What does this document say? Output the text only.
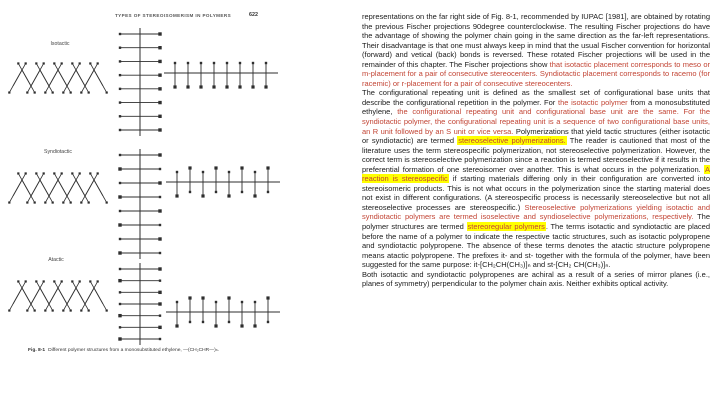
TYPES OF STEREOISOMERISM IN POLYMERS	622
Isotactic
Syndiotactic
Atactic
Fig. 8-1 Different polymer structures from a monosubstituted ethylene, —(CH₂CHR—)ₙ.

representations on the far right side of Fig. 8-1, recommended by IUPAC [1981], are obtained by rotating the previous Fischer projections 90degree counterclockwise. The resulting Fischer projections do have the advantage of showing the polymer chain going in the same direction as the far-left representations. Their disadvantage is that one must always keep in mind that the usual Fischer convention for horizontal (forward) and vetical (back) bonds is reversed. These rotated Fischer projections will be used in the remainder of this chapter. The Fischer projections show that isotactic placement corresponds to meso or m-placement for a pair of consecutive stereocenters. Syndiotactic placement corresponds to racemo (for racemic) or r-placement for a pair of consecutive stereocenters.

The configurational repeating unit is defined as the smallest set of configurational base units that describe the configurational repetition in the polymer. For the isotactic polymer from a monosubstituted ethylene, the configurational repeating unit and configurational base unit are the same. For the syndiotactic polymer, the configurational repeating unit is a sequence of two configurational base units, an R unit followed by an S unit or vice versa. Polymerizations that yield tactic structures (either isotactic or syndiotactic) are termed stereoselective polymerizations. The reader is cautioned that most of the literature uses the term stereospecific polymerization, not stereoselective polymerization. However, the correct term is stereoselective polymerization since a reaction is termed stereoselective if it results in the preferential formation of one stereoisomer over another. This is what occurs in the polymerization. A reaction is stereospecific if starting materials differing only in their configuration are converted into stereoisomeric products. This is not what occurs in the polymerization since the starting material does not exist in different configurations. (A stereospecific process is necessarily stereoselective but not all stereoselective processes are stereospecific.) Stereoselective polymerizations yielding isotactic and syndiotactic polymers are termed isoselective and syndioselective polymerizations, respectively. The polymer structures are termed stereoregular polymers. The terms isotactic and syndiotactic are placed before the name of a polymer to indicate the respective tactic structures, such as isotactic polypropene and syndiotactic polypropene. The absence of these terms denotes the atactic structure polypropene means atactic polypropene. The prefixes it- and st- together with the formula of the polymer, have been suggested for the same purpose: it-[CH₂CH(CH₃)]ₙ and st-[CH₂ CH(CH₃)]ₙ.

Both isotactic and syndiotactic polypropenes are achiral as a result of a series of mirror planes (i.e., planes of symmetry) perpendicular to the polymer chain axis. Neither exhibits optical activity.
